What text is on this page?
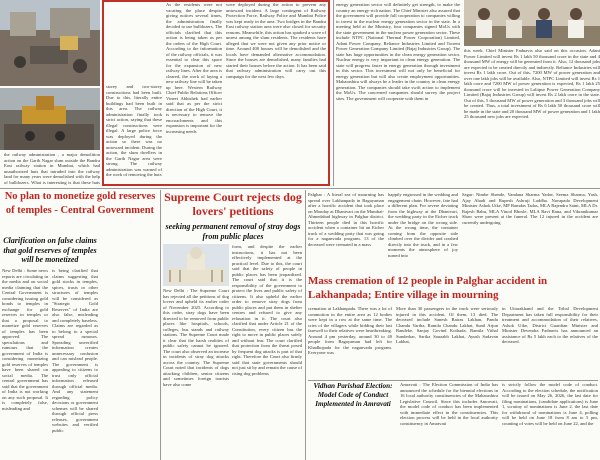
the railway administration , a major demolition action on the Garib Nagar slum outside the Bandra East railway station in Mumbai, which had unauthorized huts that intruded into the railway land for many years were demolished with the help of bulldozers. What is interesting is that these huts

storey and two-storey constructions had been built. Due to this, literally entire buildings had been built in this area. The railway administration finally took strict action, saying that these illegal constructions were illegal. A large police force was deployed during the action so there was no untoward incident. During the action, the slum dwellers in the Garib Nagar area were strong. The railway administration was warned of the work of removing the huts

As the residents were not vacating the place despite giving notices several times, the administration finally decided to use bulldozers. The officials clarified that this action is being taken as per the orders of the High Court. According to the information of the railway officials, it was essential to clear this space for the expansion of new railway lines. After the area is cleared, the work of laying a new railway line will be taken up here. Western Railway Chief Public Relations Officer Vineet Abhishek had earlier said that as per the strict direction of the High Court, it is necessary to remove the encroachments and this expansion is important for the increasing needs

were deployed during the action to prevent any untoward incident. A large contingent of Railway Protection Force, Railway Police and Mumbai Police was kept ready in the area. Two bridges in the Bandra East railway station area were also closed for security reasons. Meanwhile, this action has sparked a wave of unrest among the slum residents. The residents have alleged that we were not given any prior notice or time. Around 400 houses will be demolished and the locals have demanded alternative accommodation. Since the houses are demolished, many families had started their houses before the action. It has been said that railway administration will carry out this campaign for the next few days.

energy generation sector will definitely get strength, to make the country an energy-rich nation. The Chief Minister also assured that the government will provide full cooperation to companies willing to invest in the nuclear energy generation sector in the state. In a meeting held at the Ministry, four companies signed MoUs with the state government in the nuclear power generation sector. These include NTPC (National Thermal Power Corporation) Limited, Adani Power Company, Reliance Industries Limited and Torrent Power Generation Company Limited (Bajaj Industries Group). The state has huge opportunities in the clean energy generation sector. Nuclear energy is very important in clean energy generation. The state will progress faster in energy generation through investment in this sector. This investment will not only be beneficial for energy generation but will also create employment opportunities. Maharashtra will always be a leader in the country in clean energy generation. The companies should take swift action to implement the MoUs. The concerned companies should survey the project sites. The government will cooperate with them in

this week. Chief Minister Fadnavis also said on this occasion. Adani Power Limited will invest Rs 1 lakh 50 thousand crore in the state and 4 thousand MW of energy will be generated from it. Also, 12 thousand jobs are expected to be created directly and indirectly. Reliance Industries will invest Rs 1 lakh crore. Out of this, 7200 MW of power generation and over one lakh jobs will be available. Also, NTPC Limited will invest Rs 1 lakh crore and 7200 MW of power generation is expected, Rs 1 lakh 25 thousand crore will be invested in Lalitpur Power Generation Company Limited (Bajaj Industries Group) will invest Rs 2 lakh crore in the state. Out of this, 5 thousand MW of power generation and 3 thousand jobs will be created. Thus, a total investment of Rs 6 lakh 50 thousand crore will be made in the state and 20 thousand MW of power generation and 1 lakh 25 thousand new jobs are expected.

No plan to monetize gold reserves of temples - Central Government
Clarification on false claims that gold reserves of temples will be monetized

New Delhi : Some news reports are circulating in the media and on social media claiming that the Central Government is considering issuing gold bonds to temples in exchange for gold reserves in temples or that a proposal to monetize gold reserves of temples has been approved. The speculations and rumours that the government of India is considering monetizing gold reserves of temples have been shared on social media. The central government has said that the government of India is not working on any such proposal. It is completely false, misleading and

is being clarified that claims suggesting that gold stocks in temples, spices, trusts or other structures of temples will be considered as "Strategic Gold Reserves" of India are also false, misleading and completely baseless. Claims are regarded as to belong to a special spread rumours. Spreading unverified information creates unnecessary confusion and can mislead people. The government is appealing to citizens to trust only official information released through official media. And any statement regarding policy decisions or government schemes will be shared through official press releases, government websites and verified public

Supreme Court rejects dog lovers' petitions
seeking permanent removal of stray dogs from public places

New Delhi : The Supreme Court has rejected all the petitions of dog lovers and upheld its earlier order of November 2025. According to this order, stray dogs have been directed to be removed from public places like hospitals, schools, colleges, bus stands and railway stations. The Supreme Court made it clear that the harsh realities of public safety cannot be ignored. The court also observed an increase in incidents of stray dog attacks across the country. The Supreme Court noted that incidents of dogs attacking children, senior citizens and sometimes foreign tourists have also come

form, and despite the earlier instructions, it has not been effectively implemented at the practical level. Due to this, the court said that the safety of people in public places has been jeopardized. The court said that it is the responsibility of the government to protect the lives and public safety of citizens. It also upheld the earlier order to remove stray dogs from public places and put them in shelter centres and refused to give any relaxation in it. The court also clarified that under Article 21 of the Constitution, every citizen has the right to move in public places safely and without fear. The court clarified that protection from the threat posed by frequent dog attacks is part of that right. Therefore the Court also firmly said that state governments should not just sit by and remain the cause of rising dog problems

Palghar : A literal sea of mourning has spread over Lakhanpada in Bagayaman after a horrific accident that took place on Monday at Dhanivari on the Mumbai-Ahmedabad highway in Palghar district. Thirteen people died in this horrific accident when a container hit an Eicher truck of a wedding party that was going for a naganvada program. 13 of the deceased were cremated in a mass

happily engrossed in the wedding and engagement chain. However, fate had a different plan. For severe deviating from the highway at the Dhanivari, the wedding party in the Eicher truck under the bridge on the wrong side. At the wrong time, the container coming from the opposite side climbed over the divider and crashed directly into the truck, and in a few moments the atmosphere of joy turned into

Sagar: Nimbe Shende, Vandana Sharma Yadav, Seema Sharma, Yash, Ajay Ahadi and Rupesh Ashruji Laddha. Navapada Development Minister Ashok Uike, MP Ramdas Tadas, MLA Rajendra Saini, MLA Dr. Rajesh Babu, MLA Vinod Bhosle, MLA Ravi Rana, and Vikrantkumar Shaw were present at the funeral. The 12 injured in the accident are currently undergoing

Mass cremation of 12 people in Palghar accident in Lakhanpada; Entire village in mourning

cremation at Lakhanpada. There was a lot of commotion in the entire area as 12 bodies were kept in a row at the same time. The cries of the villagers while bidding their last farewell to their relatives were heartbreaking. Around 4 pm yesterday, around 30 to 40 people from Bagayaman had left for Khadkopada for the naganvada program. Everyone was

More than 30 passengers in the truck were seriously injured in this accident. Of them, 13 died. The deceased include Sanesh Batras Lakhan, Pandu Chandu Vartha, Ramila Chandu Lakhat, Sunil Arjun Randeke, Sanjay Govind Kothada, Ramila Vithal Sunderkar, Sarika Sauzabh Lakhat, Ayush Sadavan Lakhat,

in Uttarakhand and the Tribal Development Department has taken full responsibility for their treatment and accommodation of their relatives, Ashok Uike, District Guardian Minister and Minister Devendra Fadnavis has announced an assistance of Rs 5 lakh each to the relatives of the deceased.

Vidhan Parishad Election: Model Code of Conduct Implemented in Amravati

Amravati : The Election Commission of India has announced the schedule for the biennial elections in 16 local authority constituencies of the Maharashtra Legislative Council. Since this includes Amravati, the model code of conduct has been implemented with immediate effect in the constituencies. This election process will be held in the local authority constituency in Amravati

is strictly follow the model code of conduct. According to the election schedule, the notification will be issued on May 26, 2026, the last date for filing nominations, (candidate applications) is June 1, scrutiny of nominations is June 2, the last date for withdrawal of nominations is June 4, polling will be held on June 18 from 8 am to 5 pm, counting of votes will be held on June 22, and the
